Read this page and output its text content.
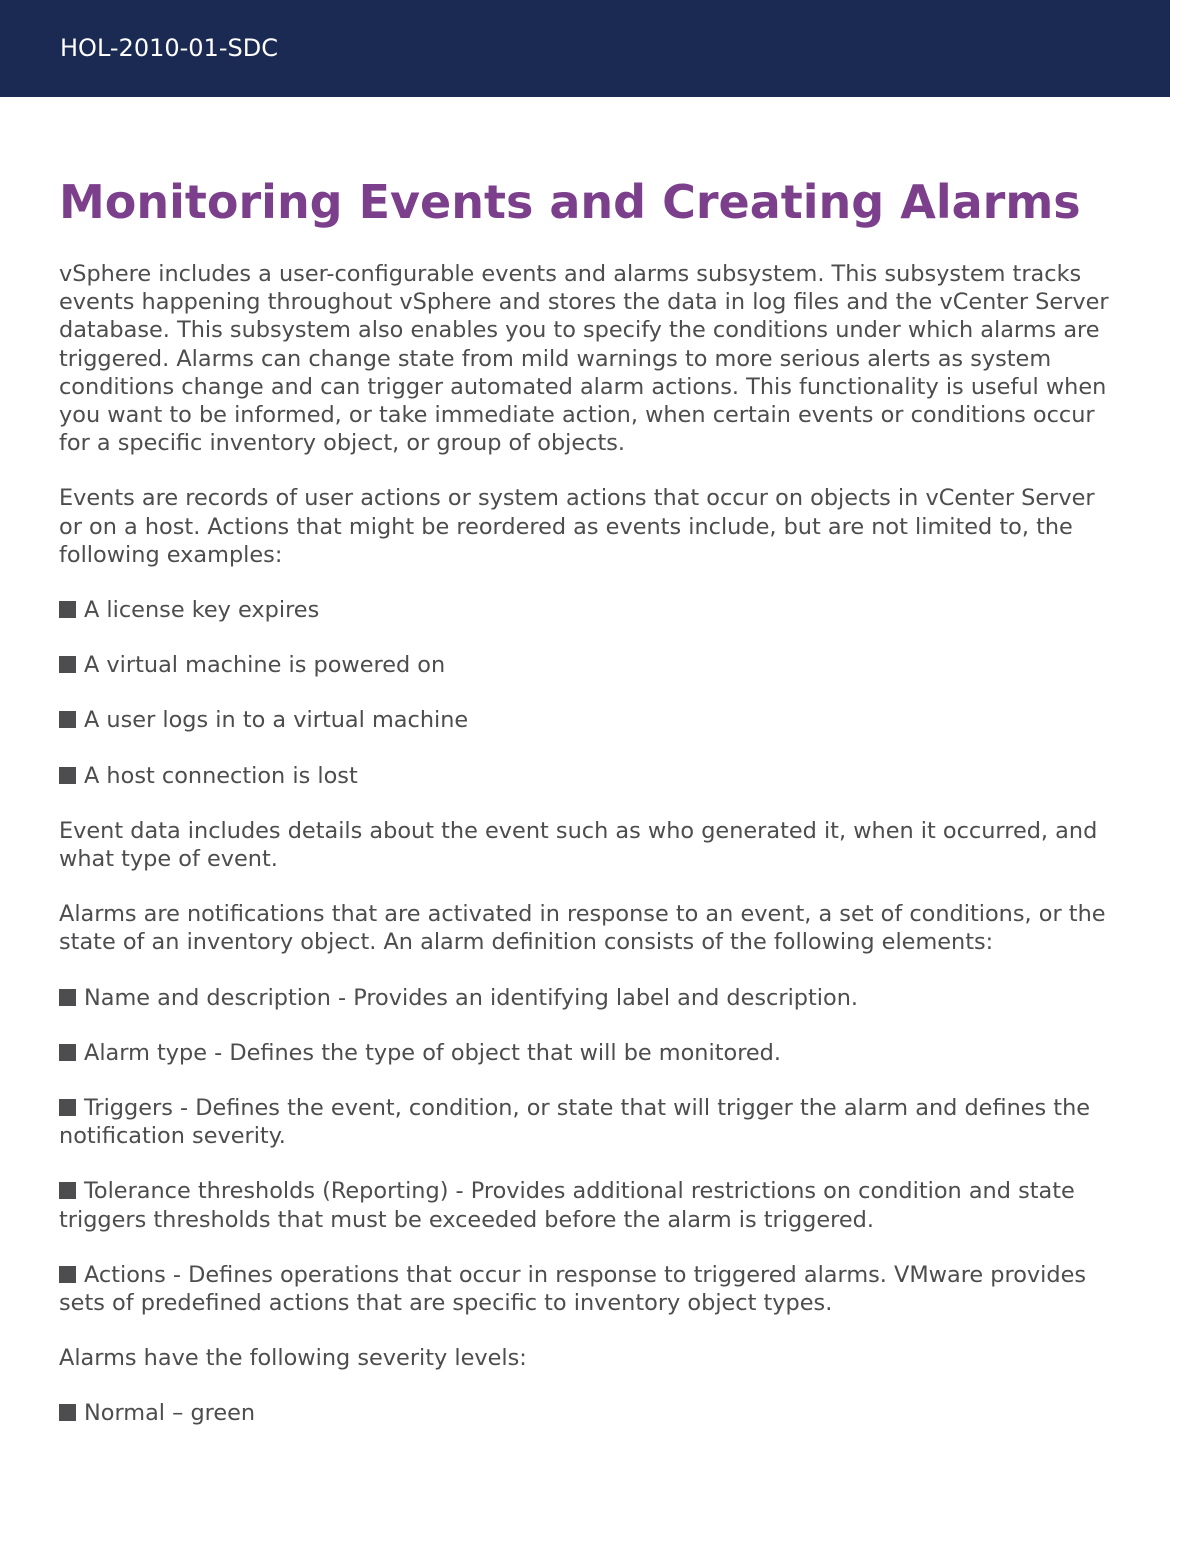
HOL-2010-01-SDC
Monitoring Events and Creating Alarms

vSphere includes a user-configurable events and alarms subsystem. This subsystem tracks events happening throughout vSphere and stores the data in log files and the vCenter Server database. This subsystem also enables you to specify the conditions under which alarms are triggered. Alarms can change state from mild warnings to more serious alerts as system conditions change and can trigger automated alarm actions. This functionality is useful when you want to be informed, or take immediate action, when certain events or conditions occur for a specific inventory object, or group of objects.

Events are records of user actions or system actions that occur on objects in vCenter Server or on a host. Actions that might be reordered as events include, but are not limited to, the following examples:

A license key expires
A virtual machine is powered on
A user logs in to a virtual machine
A host connection is lost

Event data includes details about the event such as who generated it, when it occurred, and what type of event.

Alarms are notifications that are activated in response to an event, a set of conditions, or the state of an inventory object. An alarm definition consists of the following elements:

Name and description - Provides an identifying label and description.
Alarm type - Defines the type of object that will be monitored.
Triggers - Defines the event, condition, or state that will trigger the alarm and defines the notification severity.
Tolerance thresholds (Reporting) - Provides additional restrictions on condition and state triggers thresholds that must be exceeded before the alarm is triggered.
Actions - Defines operations that occur in response to triggered alarms. VMware provides sets of predefined actions that are specific to inventory object types.

Alarms have the following severity levels:

Normal – green
